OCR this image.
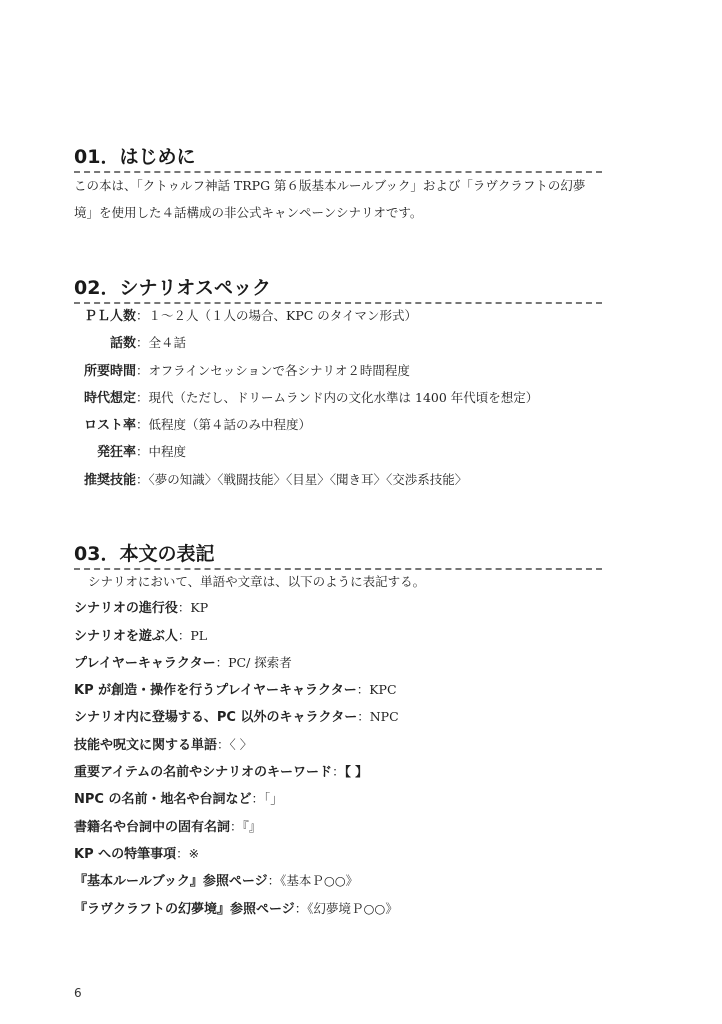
01．はじめに

この本は、「クトゥルフ神話 TRPG 第６版基本ルールブック」および「ラヴクラフトの幻夢境」を使用した４話構成の非公式キャンペーンシナリオです。

02．シナリオスペック
ＰＬ人数：１～２人（１人の場合、KPC のタイマン形式）
話数：全４話
所要時間：オフラインセッションで各シナリオ２時間程度
時代想定：現代（ただし、ドリームランド内の文化水準は 1400 年代頃を想定）
ロスト率：低程度（第４話のみ中程度）
発狂率：中程度
推奨技能：〈夢の知識〉〈戦闘技能〉〈目星〉〈聞き耳〉〈交渉系技能〉
03．本文の表記
シナリオにおいて、単語や文章は、以下のように表記する。
シナリオの進行役：KP
シナリオを遊ぶ人：PL
プレイヤーキャラクター：PC/ 探索者
KP が創造・操作を行うプレイヤーキャラクター：KPC
シナリオ内に登場する、PC 以外のキャラクター：NPC
技能や呪文に関する単語：〈 〉
重要アイテムの名前やシナリオのキーワード：【 】
NPC の名前・地名や台詞など：「」
書籍名や台詞中の固有名詞：『』
KP への特筆事項：※
『基本ルールブック』参照ページ：《基本Ｐ○○》
『ラヴクラフトの幻夢境』参照ページ：《幻夢境Ｐ○○》
6
